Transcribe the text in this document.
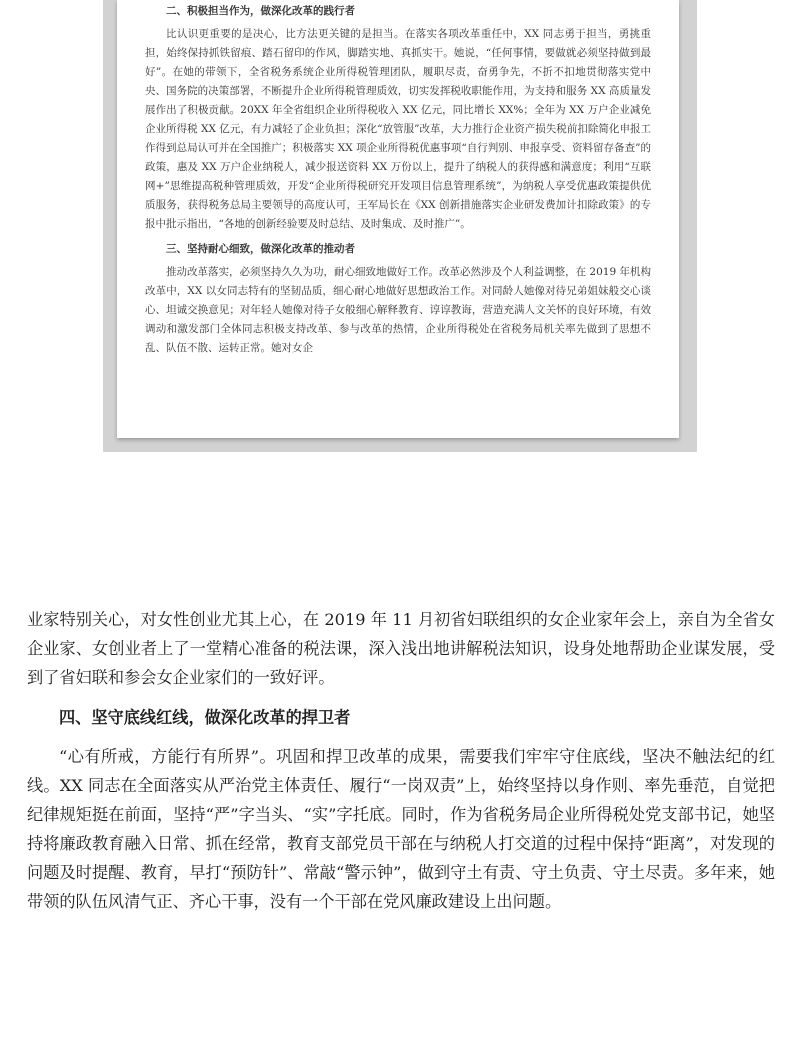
二、积极担当作为，做深化改革的践行者

比认识更重要的是决心，比方法更关键的是担当。在落实各项改革重任中，XX 同志勇于担当，勇挑重担，始终保持抓铁留痕、踏石留印的作风，脚踏实地、真抓实干。她说，“任何事情，要做就必须坚持做到最好”。在她的带领下，全省税务系统企业所得税管理团队，履职尽责，奋勇争先，不折不扣地贯彻落实党中央、国务院的决策部署，不断提升企业所得税管理质效，切实发挥税收职能作用，为支持和服务 XX 高质量发展作出了积极贡献。20XX 年全省组织企业所得税收入 XX 亿元，同比增长 XX%；全年为 XX 万户企业减免企业所得税 XX 亿元，有力减轻了企业负担；深化“放管服”改革，大力推行企业资产损失税前扣除简化申报工作得到总局认可并在全国推广；积极落实 XX 项企业所得税优惠事项“自行判别、申报享受、资料留存备查”的政策，惠及 XX 万户企业纳税人，减少报送资料 XX 万份以上，提升了纳税人的获得感和满意度；利用“互联网+”思维提高税种管理质效，开发“企业所得税研究开发项目信息管理系统”，为纳税人享受优惠政策提供优质服务，获得税务总局主要领导的高度认可，王军局长在《XX 创新措施落实企业研发费加计扣除政策》的专报中批示指出，“各地的创新经验要及时总结、及时集成、及时推广”。

三、坚持耐心细致，做深化改革的推动者

推动改革落实，必须坚持久久为功，耐心细致地做好工作。改革必然涉及个人利益调整，在 2019 年机构改革中，XX 以女同志特有的坚韧品质，细心耐心地做好思想政治工作。对同龄人她像对待兄弟姐妹般交心谈心、坦诚交换意见；对年轻人她像对待子女般细心解释教育、谆谆教诲，营造充满人文关怀的良好环境，有效调动和激发部门全体同志积极支持改革、参与改革的热情，企业所得税处在省税务局机关率先做到了思想不乱、队伍不散、运转正常。她对女企

业家特别关心，对女性创业尤其上心，在 2019 年 11 月初省妇联组织的女企业家年会上，亲自为全省女企业家、女创业者上了一堂精心准备的税法课，深入浅出地讲解税法知识，设身处地帮助企业谋发展，受到了省妇联和参会女企业家们的一致好评。

四、坚守底线红线，做深化改革的捍卫者

“心有所戒，方能行有所界”。巩固和捍卫改革的成果，需要我们牢牢守住底线，坚决不触法纪的红线。XX 同志在全面落实从严治党主体责任、履行“一岗双责”上，始终坚持以身作则、率先垂范，自觉把纪律规矩挺在前面，坚持“严”字当头、“实”字托底。同时，作为省税务局企业所得税处党支部书记，她坚持将廉政教育融入日常、抓在经常，教育支部党员干部在与纳税人打交道的过程中保持“距离”，对发现的问题及时提醒、教育，早打“预防针”、常敲“警示钟”，做到守土有责、守土负责、守土尽责。多年来，她带领的队伍风清气正、齐心干事，没有一个干部在党风廉政建设上出问题。
